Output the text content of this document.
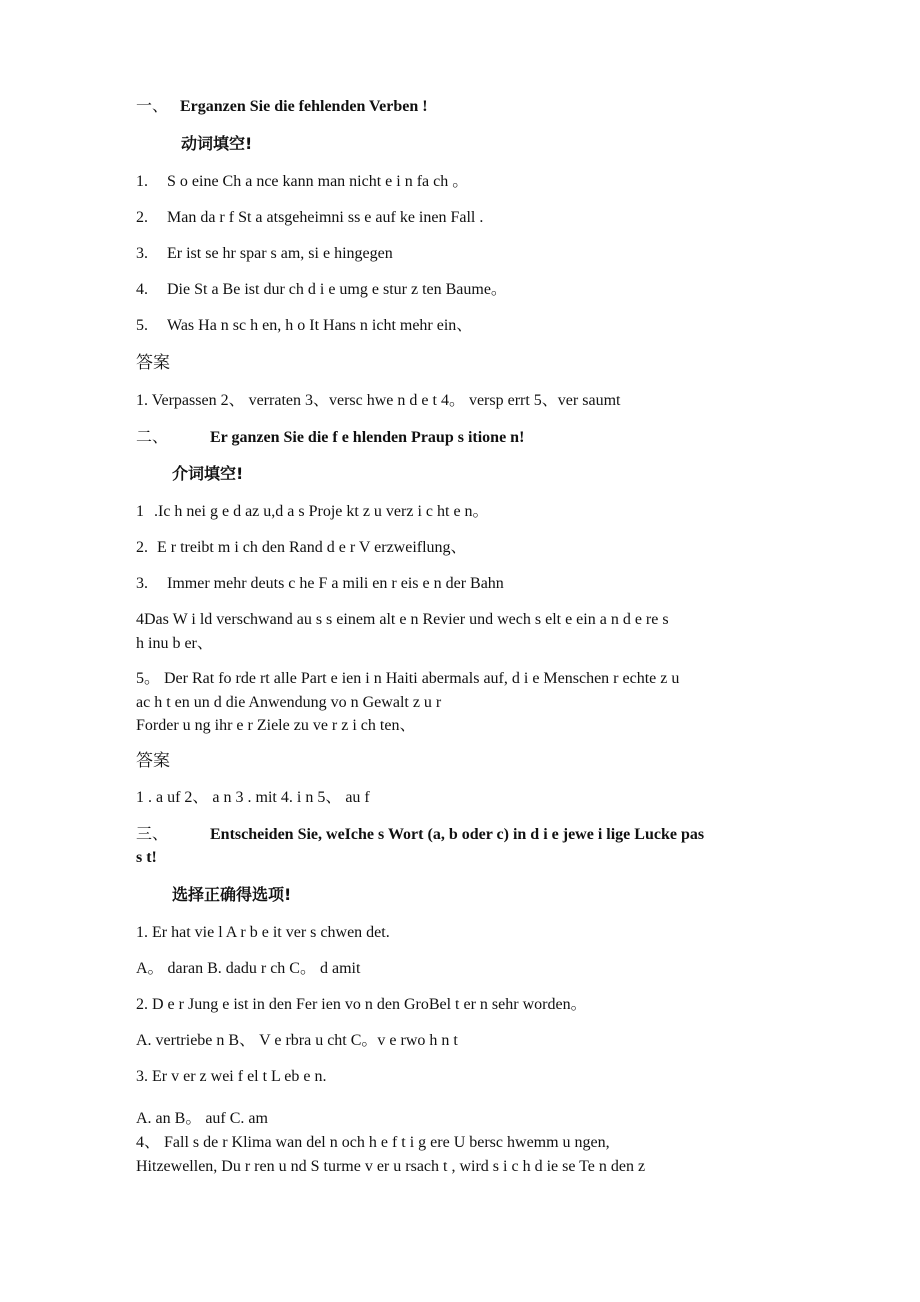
一、 Erganzen Sie die fehlenden Verben !
动词填空!
1. S o eine Ch a nce kann man nicht e i n fa ch 。
2. Man da r f St a atsgeheimni ss e auf ke inen Fall .
3. Er ist se hr spar s am, si e hingegen
4. Die St a Be ist dur ch d i e umg e stur z ten Baume。
5. Was Ha n sc h en, h o It Hans n icht mehr ein、
答案
1. Verpassen 2、 verraten 3、versc hwe n d e t 4。 versp errt 5、ver saumt
二、	Er ganzen Sie die f e hlenden Praup s itione n!
介词填空!
1 .Ic h nei g e d az u,d a s Proje kt z u verz i c ht e n。
2. E r treibt m i ch den Rand d e r V erzweiflung、
3. Immer mehr deuts c he F a mili en r eis e n der Bahn
4Das W i ld verschwand au s s einem alt e n Revier und wech s elt e ein a n d e re s
h inu b er、
5。 Der Rat fo rde rt alle Part e ien i n Haiti abermals auf, d i e Menschen r echte z u
ac h t en un d die Anwendung vo n Gewalt z u r
Forder u ng ihr e r Ziele zu ve r z i ch ten、
答案
1 . a uf 2、 a n 3 . mit 4. i n 5、 au f
三、	Entscheiden Sie, weIche s Wort (a, b oder c) in d i e jewe i lige Lucke pas
s t!
选择正确得选项!
1. Er hat vie l A r b e it ver s chwen det.
A。 daran B. dadu r ch C。 d amit
2. D e r Jung e ist in den Fer ien vo n den GroBel t er n sehr worden。
A. vertriebe n B、 V e rbra u cht C。v e rwo h n t
3. Er v er z wei f el t L eb e n.
A. an B。 auf C. am
4、 Fall s de r Klima wan del n och h e f t i g ere U bersc hwemm u ngen,
Hitzewellen, Du r ren u nd S turme v er u rsach t , wird s i c h d ie se Te n den z
